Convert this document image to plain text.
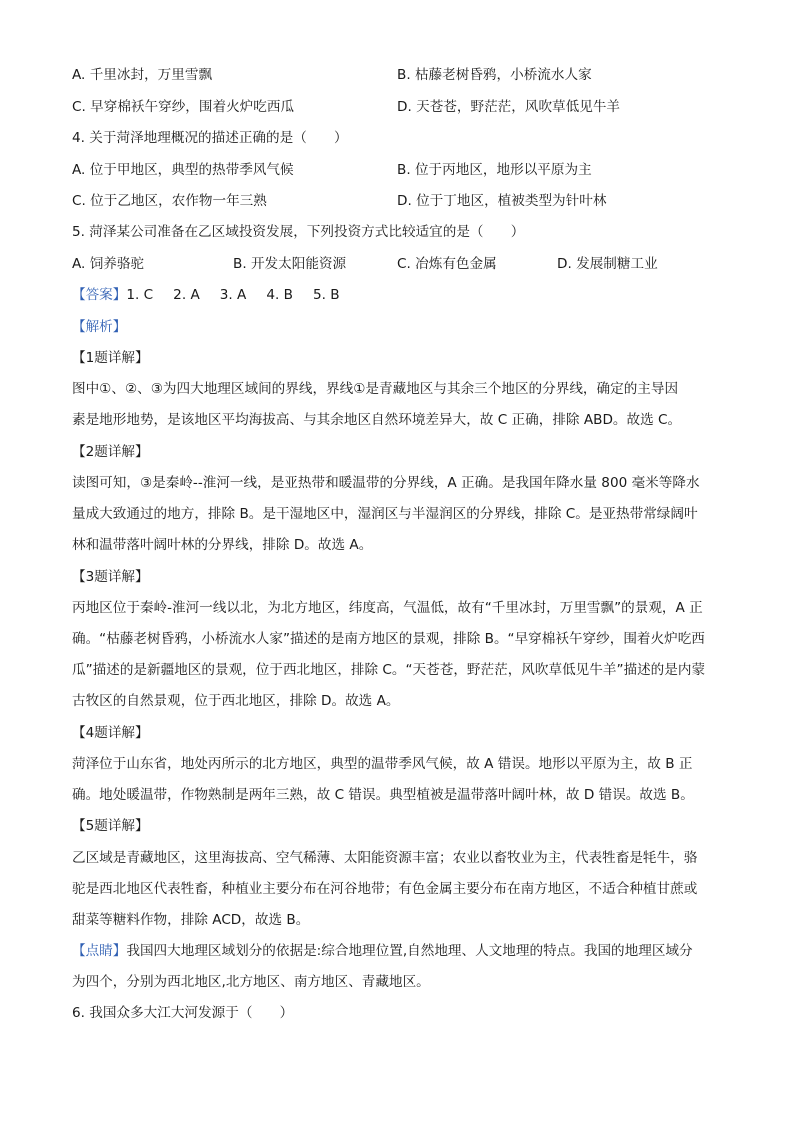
A. 千里冰封，万里雪飘	B. 枯藤老树昏鸦，小桥流水人家
C. 早穿棉袄午穿纱，围着火炉吃西瓜	D. 天苍苍，野茫茫，风吹草低见牛羊
4. 关于菏泽地理概况的描述正确的是（　　）
A. 位于甲地区，典型的热带季风气候	B. 位于丙地区，地形以平原为主
C. 位于乙地区，农作物一年三熟	D. 位于丁地区，植被类型为针叶林
5. 菏泽某公司准备在乙区域投资发展，下列投资方式比较适宜的是（　　）
A. 饲养骆驼	B. 开发太阳能资源	C. 冶炼有色金属	D. 发展制糖工业
【答案】1. C 2. A 3. A 4. B 5. B
【解析】
【1题详解】
图中①、②、③为四大地理区域间的界线，界线①是青藏地区与其余三个地区的分界线，确定的主导因
素是地形地势，是该地区平均海拔高、与其余地区自然环境差异大，故 C 正确，排除 ABD。故选 C。
【2题详解】
读图可知，③是秦岭--淮河一线，是亚热带和暖温带的分界线，A 正确。是我国年降水量 800 毫米等降水
量成大致通过的地方，排除 B。是干湿地区中，湿润区与半湿润区的分界线，排除 C。是亚热带常绿阔叶
林和温带落叶阔叶林的分界线，排除 D。故选 A。
【3题详解】
丙地区位于秦岭-淮河一线以北，为北方地区，纬度高，气温低，故有“千里冰封，万里雪飘”的景观，A 正
确。“枯藤老树昏鸦，小桥流水人家”描述的是南方地区的景观，排除 B。“早穿棉袄午穿纱，围着火炉吃西
瓜”描述的是新疆地区的景观，位于西北地区，排除 C。“天苍苍，野茫茫，风吹草低见牛羊”描述的是内蒙
古牧区的自然景观，位于西北地区，排除 D。故选 A。
【4题详解】
菏泽位于山东省，地处丙所示的北方地区，典型的温带季风气候，故 A 错误。地形以平原为主，故 B 正
确。地处暖温带，作物熟制是两年三熟，故 C 错误。典型植被是温带落叶阔叶林，故 D 错误。故选 B。
【5题详解】
乙区域是青藏地区，这里海拔高、空气稀薄、太阳能资源丰富；农业以畜牧业为主，代表牲畜是牦牛，骆
驼是西北地区代表牲畜，种植业主要分布在河谷地带；有色金属主要分布在南方地区，不适合种植甘蔗或
甜菜等糖料作物，排除 ACD，故选 B。
【点睛】我国四大地理区域划分的依据是:综合地理位置,自然地理、人文地理的特点。我国的地理区域分
为四个，分别为西北地区,北方地区、南方地区、青藏地区。
6. 我国众多大江大河发源于（　　）
